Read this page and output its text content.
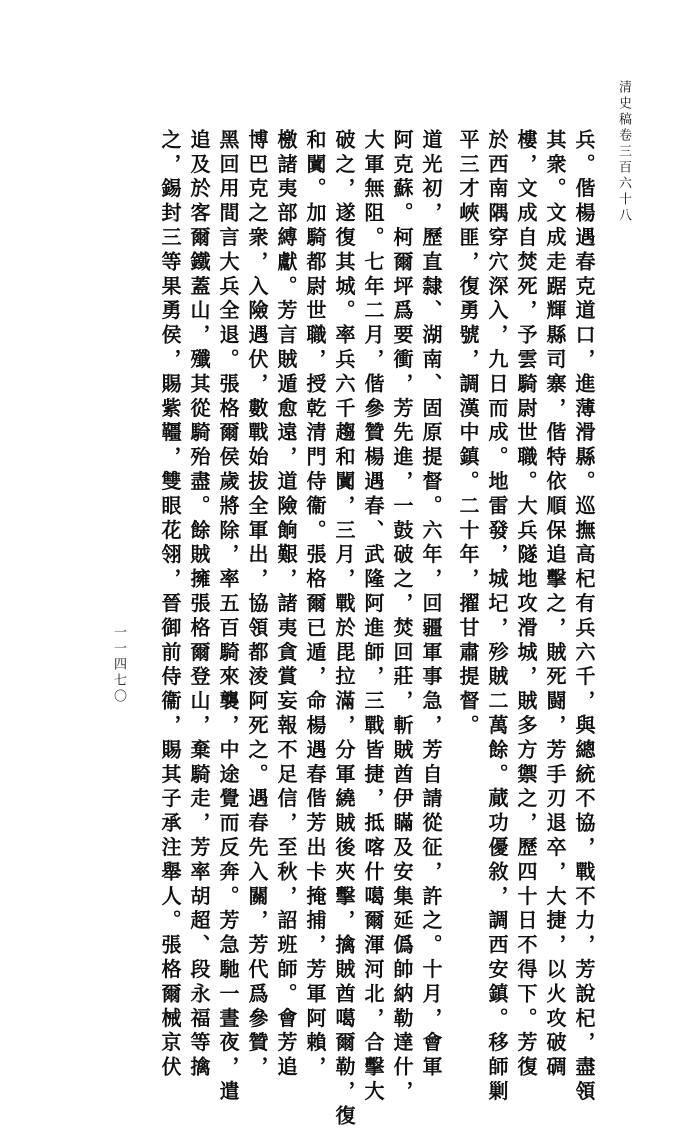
清史稿卷三百六十八
一一四七〇	　　兵。偕楊遇春克道口，進薄滑縣。巡撫高杞有兵六千，與總統不協，戰不力，芳說杞，盡領
　　其衆。文成走踞輝縣司寨，偕特依順保追擊之，賊死闘，芳手刃退卒，大捷，以火攻破碉
　　樓，文成自焚死，予雲騎尉世職。大兵隧地攻滑城，賊多方禦之，歷四十日不得下。芳復
　　於西南隅穿穴深入，九日而成。地雷發，城圮，殄賊二萬餘。蕆功優敘，調西安鎮。移師剿
　　平三才峽匪，復勇號，調漢中鎮。二十年，擢甘肅提督。
　　道光初，歷直隸、湖南、固原提督。六年，回疆軍事急，芳自請從征，許之。十月，會軍
　　阿克蘇。柯爾坪爲要衝，芳先進，一鼓破之，焚回莊，斬賊酋伊瞞及安集延僞帥納勒達什，
　　大軍無阻。七年二月，偕參贊楊遇春、武隆阿進師，三戰皆捷，抵喀什噶爾渾河北，合擊大
　　破之，遂復其城。率兵六千趨和闐，三月，戰於毘拉滿，分軍繞賊後夾擊，擒賊酋噶爾勒，復
　　和闐。加騎都尉世職，授乾清門侍衞。張格爾已遁，命楊遇春偕芳出卡掩捕，芳軍阿賴，
　　檄諸夷部縛獻。芳言賊遁愈遠，道險餉艱，諸夷貪賞妄報不足信，至秋，詔班師。會芳追
　　博巴克之衆，入險遇伏，數戰始拔全軍出，協領都淩阿死之。遇春先入關，芳代爲參贊，
　　黑回用間言大兵全退。張格爾侯歲將除，率五百騎來襲，中途覺而反奔。芳急馳一晝夜，遣
　　追及於客爾鐵蓋山，殲其從騎殆盡。餘賊擁張格爾登山，棄騎走，芳率胡超、段永福等擒
　　之，錫封三等果勇侯，賜紫韁，雙眼花翎，晉御前侍衞，賜其子承注舉人。張格爾械京伏
